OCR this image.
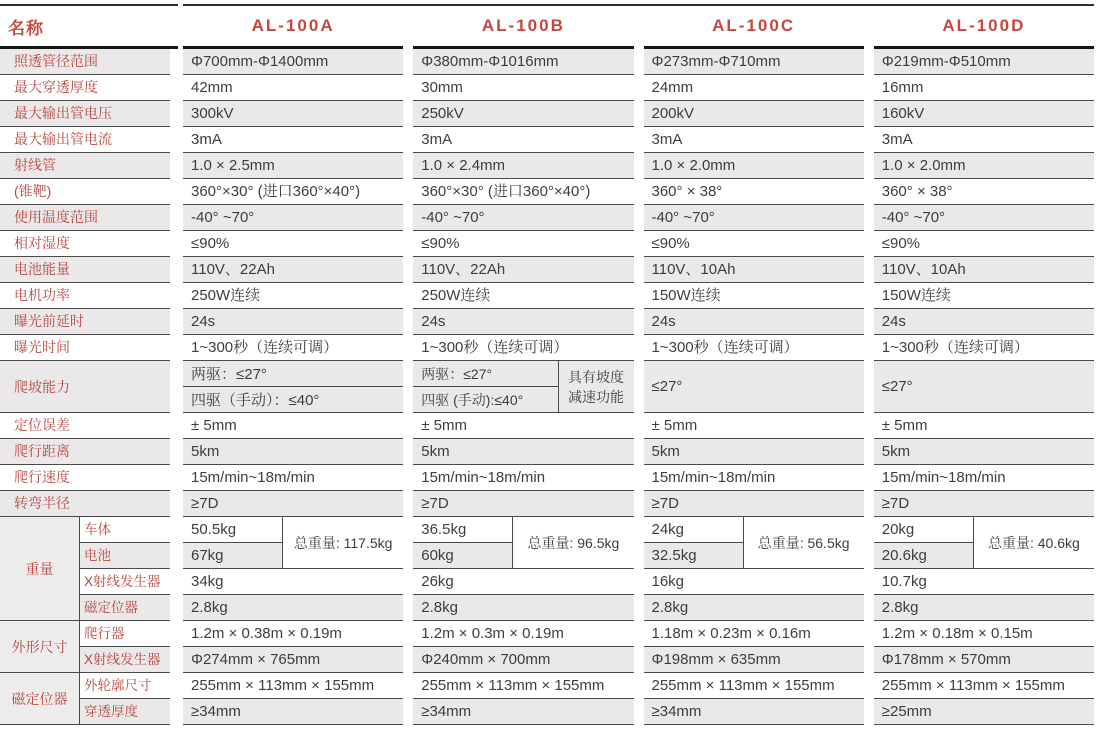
名称
照透管径范围
最大穿透厚度
最大输出管电压
最大输出管电流
射线管
(锥靶)
使用温度范围
相对湿度
电池能量
电机功率
曝光前延时
曝光时间
爬坡能力
定位误差
爬行距离
爬行速度
转弯半径
重量
车体
电池
X射线发生器
磁定位器
外形尺寸
爬行器
X射线发生器
磁定位器
外轮廓尺寸
穿透厚度
AL-100A
Φ700mm-Φ1400mm
42mm
300kV
3mA
1.0 × 2.5mm
360°×30° (进口360°×40°)
-40° ~70°
≤90%
110V、22Ah
250W连续
24s
1~300秒（连续可调）
两驱：≤27°
四驱（手动）：≤40°
± 5mm
5km
15m/min~18m/min
≥7D
50.5kg
67kg
总重量: 117.5kg
34kg
2.8kg
1.2m × 0.38m × 0.19m
Φ274mm × 765mm
255mm × 113mm × 155mm
≥34mm
AL-100B
Φ380mm-Φ1016mm
30mm
250kV
3mA
1.0 × 2.4mm
360°×30° (进口360°×40°)
-40° ~70°
≤90%
110V、22Ah
250W连续
24s
1~300秒（连续可调）
两驱：≤27°
四驱 (手动):≤40°
具有坡度
减速功能
± 5mm
5km
15m/min~18m/min
≥7D
36.5kg
60kg
总重量: 96.5kg
26kg
2.8kg
1.2m × 0.3m × 0.19m
Φ240mm × 700mm
255mm × 113mm × 155mm
≥34mm
AL-100C
Φ273mm-Φ710mm
24mm
200kV
3mA
1.0 × 2.0mm
360° × 38°
-40° ~70°
≤90%
110V、10Ah
150W连续
24s
1~300秒（连续可调）
≤27°
± 5mm
5km
15m/min~18m/min
≥7D
24kg
32.5kg
总重量: 56.5kg
16kg
2.8kg
1.18m × 0.23m × 0.16m
Φ198mm × 635mm
255mm × 113mm × 155mm
≥34mm
AL-100D
Φ219mm-Φ510mm
16mm
160kV
3mA
1.0 × 2.0mm
360° × 38°
-40° ~70°
≤90%
110V、10Ah
150W连续
24s
1~300秒（连续可调）
≤27°
± 5mm
5km
15m/min~18m/min
≥7D
20kg
20.6kg
总重量: 40.6kg
10.7kg
2.8kg
1.2m × 0.18m × 0.15m
Φ178mm × 570mm
255mm × 113mm × 155mm
≥25mm
